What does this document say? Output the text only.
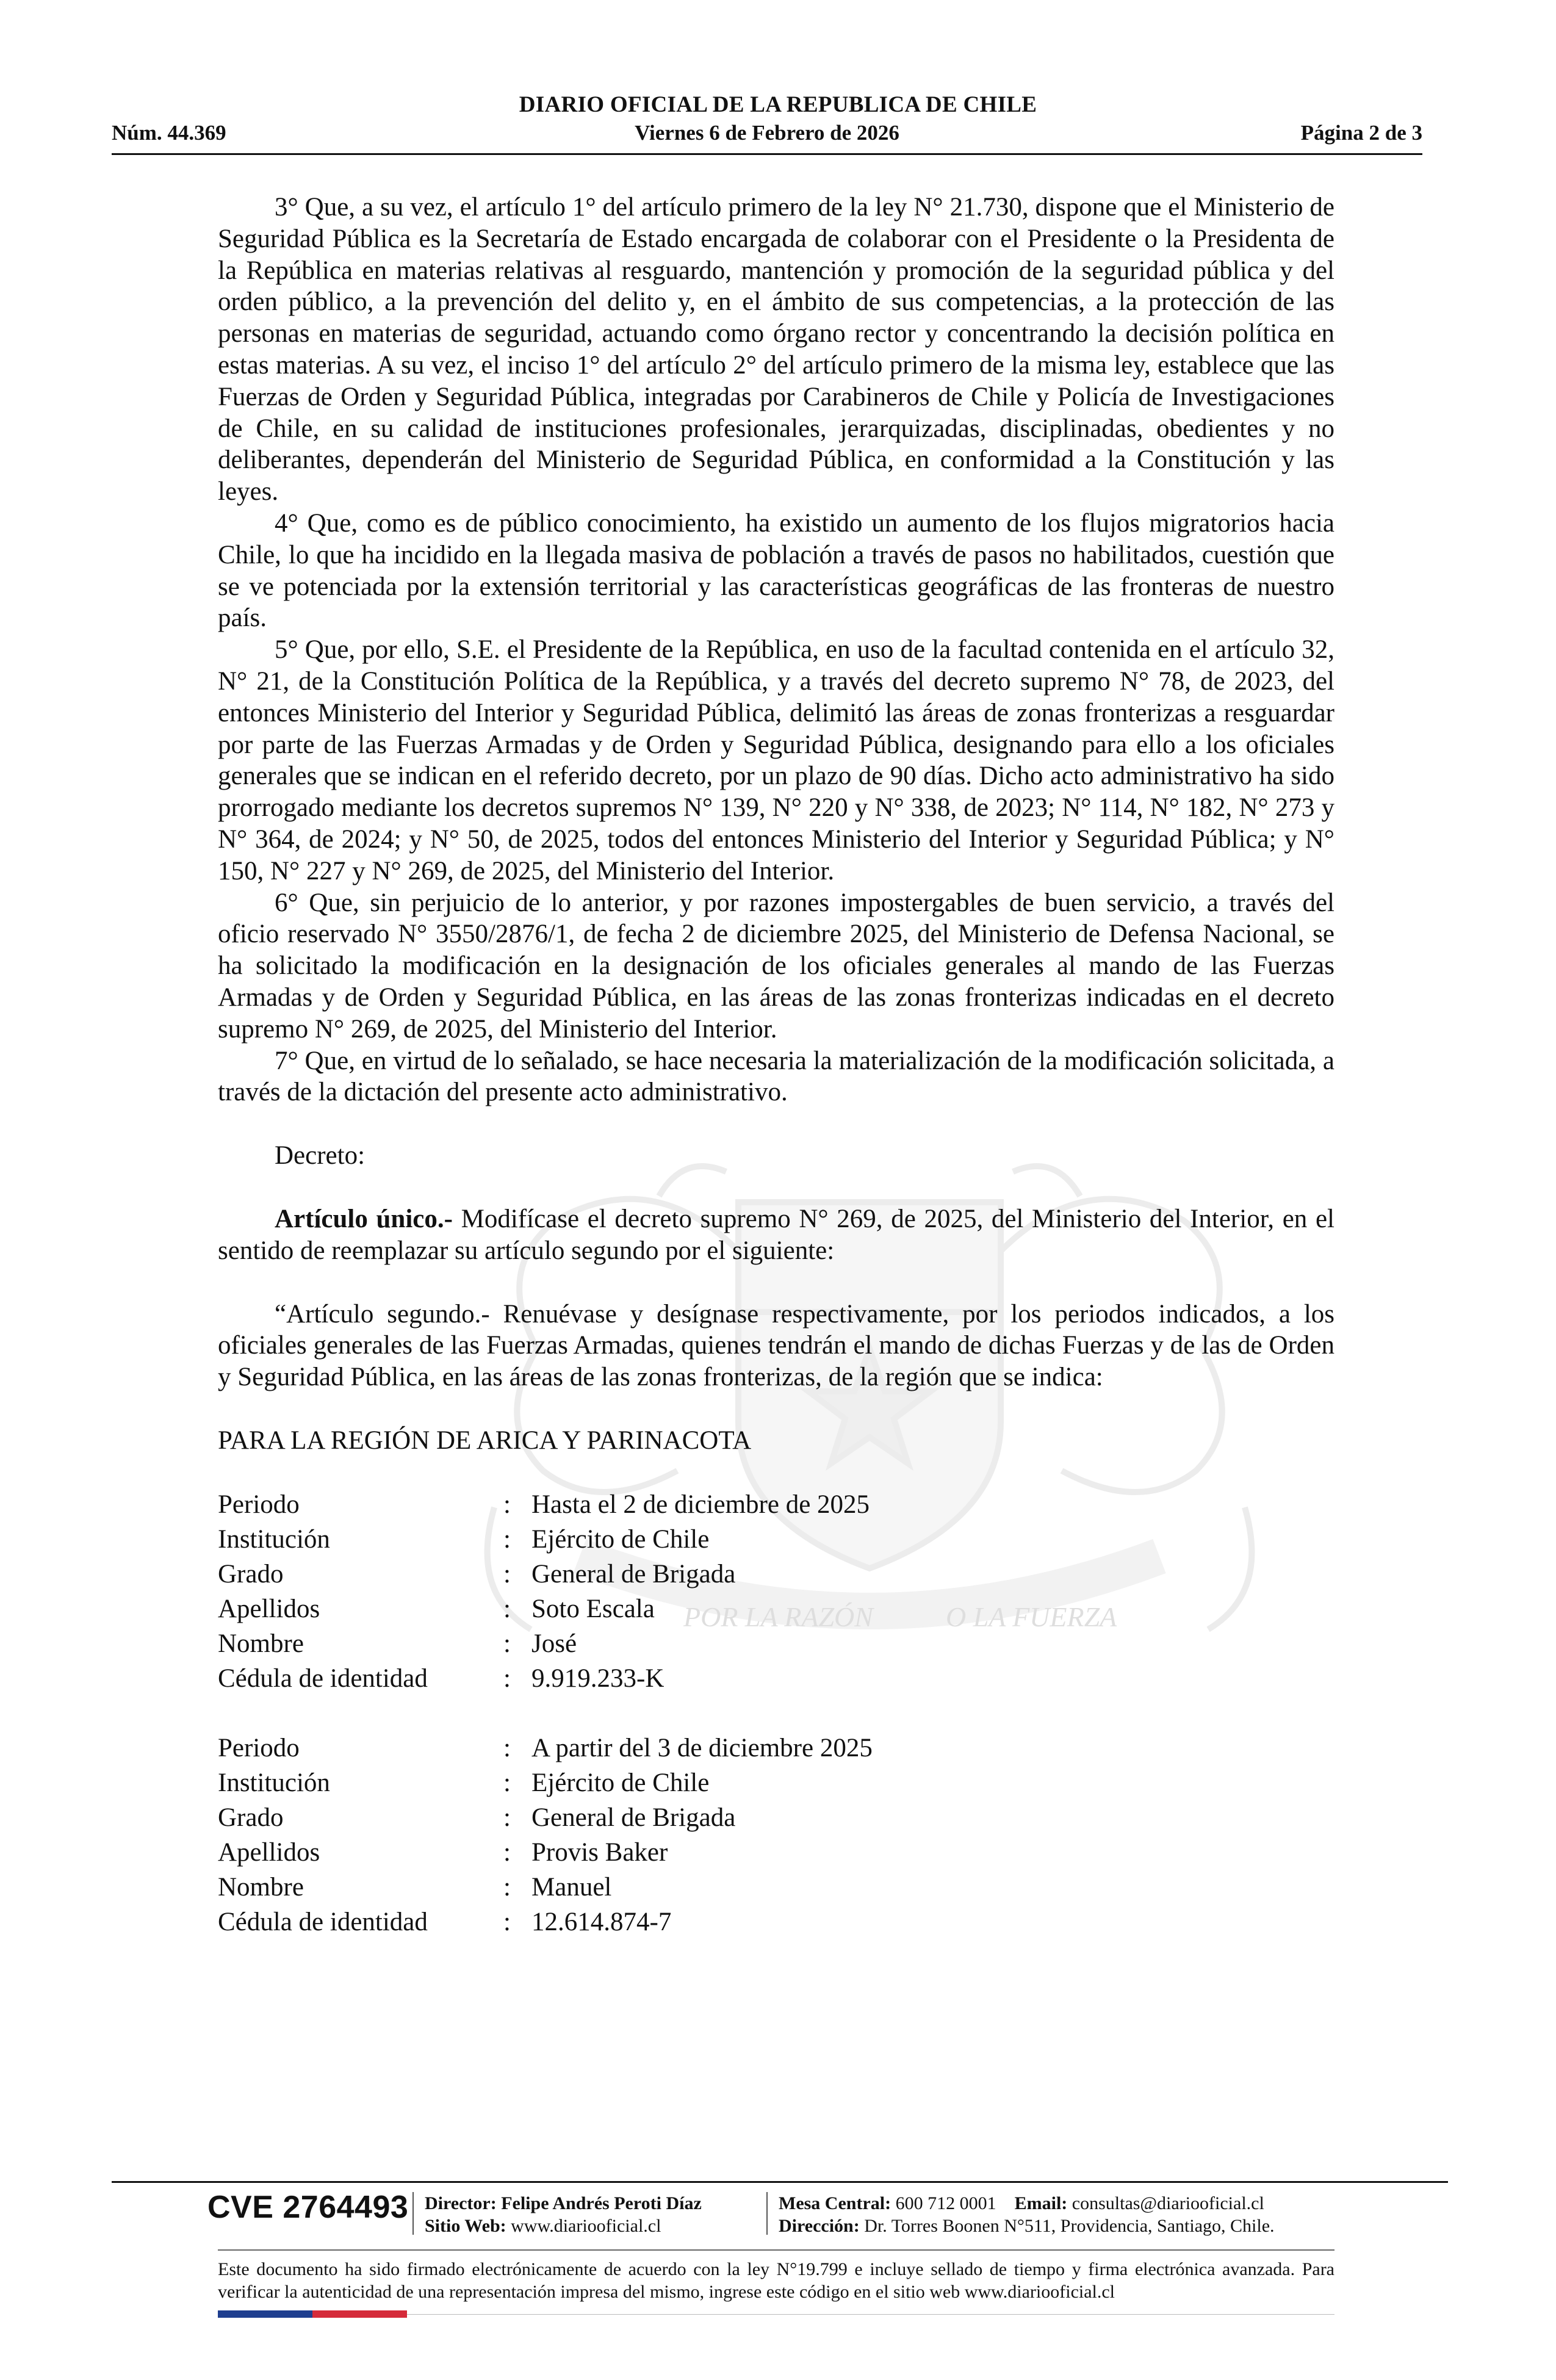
DIARIO OFICIAL DE LA REPUBLICA DE CHILE
Núm. 44.369	Viernes 6 de Febrero de 2026	Página 2 de 3
POR LA RAZÓN	O LA FUERZA

3° Que, a su vez, el artículo 1° del artículo primero de la ley N° 21.730, dispone que el Ministerio de Seguridad Pública es la Secretaría de Estado encargada de colaborar con el Presidente o la Presidenta de la República en materias relativas al resguardo, mantención y promoción de la seguridad pública y del orden público, a la prevención del delito y, en el ámbito de sus competencias, a la protección de las personas en materias de seguridad, actuando como órgano rector y concentrando la decisión política en estas materias. A su vez, el inciso 1° del artículo 2° del artículo primero de la misma ley, establece que las Fuerzas de Orden y Seguridad Pública, integradas por Carabineros de Chile y Policía de Investigaciones de Chile, en su calidad de instituciones profesionales, jerarquizadas, disciplinadas, obedientes y no deliberantes, dependerán del Ministerio de Seguridad Pública, en conformidad a la Constitución y las leyes.

4° Que, como es de público conocimiento, ha existido un aumento de los flujos migratorios hacia Chile, lo que ha incidido en la llegada masiva de población a través de pasos no habilitados, cuestión que se ve potenciada por la extensión territorial y las características geográficas de las fronteras de nuestro país.

5° Que, por ello, S.E. el Presidente de la República, en uso de la facultad contenida en el artículo 32, N° 21, de la Constitución Política de la República, y a través del decreto supremo N° 78, de 2023, del entonces Ministerio del Interior y Seguridad Pública, delimitó las áreas de zonas fronterizas a resguardar por parte de las Fuerzas Armadas y de Orden y Seguridad Pública, designando para ello a los oficiales generales que se indican en el referido decreto, por un plazo de 90 días. Dicho acto administrativo ha sido prorrogado mediante los decretos supremos N° 139, N° 220 y N° 338, de 2023; N° 114, N° 182, N° 273 y N° 364, de 2024; y N° 50, de 2025, todos del entonces Ministerio del Interior y Seguridad Pública; y N° 150, N° 227 y N° 269, de 2025, del Ministerio del Interior.

6° Que, sin perjuicio de lo anterior, y por razones impostergables de buen servicio, a través del oficio reservado N° 3550/2876/1, de fecha 2 de diciembre 2025, del Ministerio de Defensa Nacional, se ha solicitado la modificación en la designación de los oficiales generales al mando de las Fuerzas Armadas y de Orden y Seguridad Pública, en las áreas de las zonas fronterizas indicadas en el decreto supremo N° 269, de 2025, del Ministerio del Interior.

7° Que, en virtud de lo señalado, se hace necesaria la materialización de la modificación solicitada, a través de la dictación del presente acto administrativo.

Decreto:

Artículo único.- Modifícase el decreto supremo N° 269, de 2025, del Ministerio del Interior, en el sentido de reemplazar su artículo segundo por el siguiente:

“Artículo segundo.- Renuévase y desígnase respectivamente, por los periodos indicados, a los oficiales generales de las Fuerzas Armadas, quienes tendrán el mando de dichas Fuerzas y de las de Orden y Seguridad Pública, en las áreas de las zonas fronterizas, de la región que se indica:

PARA LA REGIÓN DE ARICA Y PARINACOTA

Periodo	: Hasta el 2 de diciembre de 2025
Institución	: Ejército de Chile
Grado	: General de Brigada
Apellidos	: Soto Escala
Nombre	: José
Cédula de identidad	: 9.919.233-K
Periodo	: A partir del 3 de diciembre 2025
Institución	: Ejército de Chile
Grado	: General de Brigada
Apellidos	: Provis Baker
Nombre	: Manuel
Cédula de identidad	: 12.614.874-7
CVE 2764493 Director: Felipe Andrés Peroti Díaz
Sitio Web: www.diariooficial.cl
Mesa Central: 600 712 0001 Email: consultas@diariooficial.cl
Dirección: Dr. Torres Boonen N°511, Providencia, Santiago, Chile.
Este documento ha sido firmado electrónicamente de acuerdo con la ley N°19.799 e incluye sellado de tiempo y firma electrónica avanzada. Para verificar la autenticidad de una representación impresa del mismo, ingrese este código en el sitio web www.diariooficial.cl
